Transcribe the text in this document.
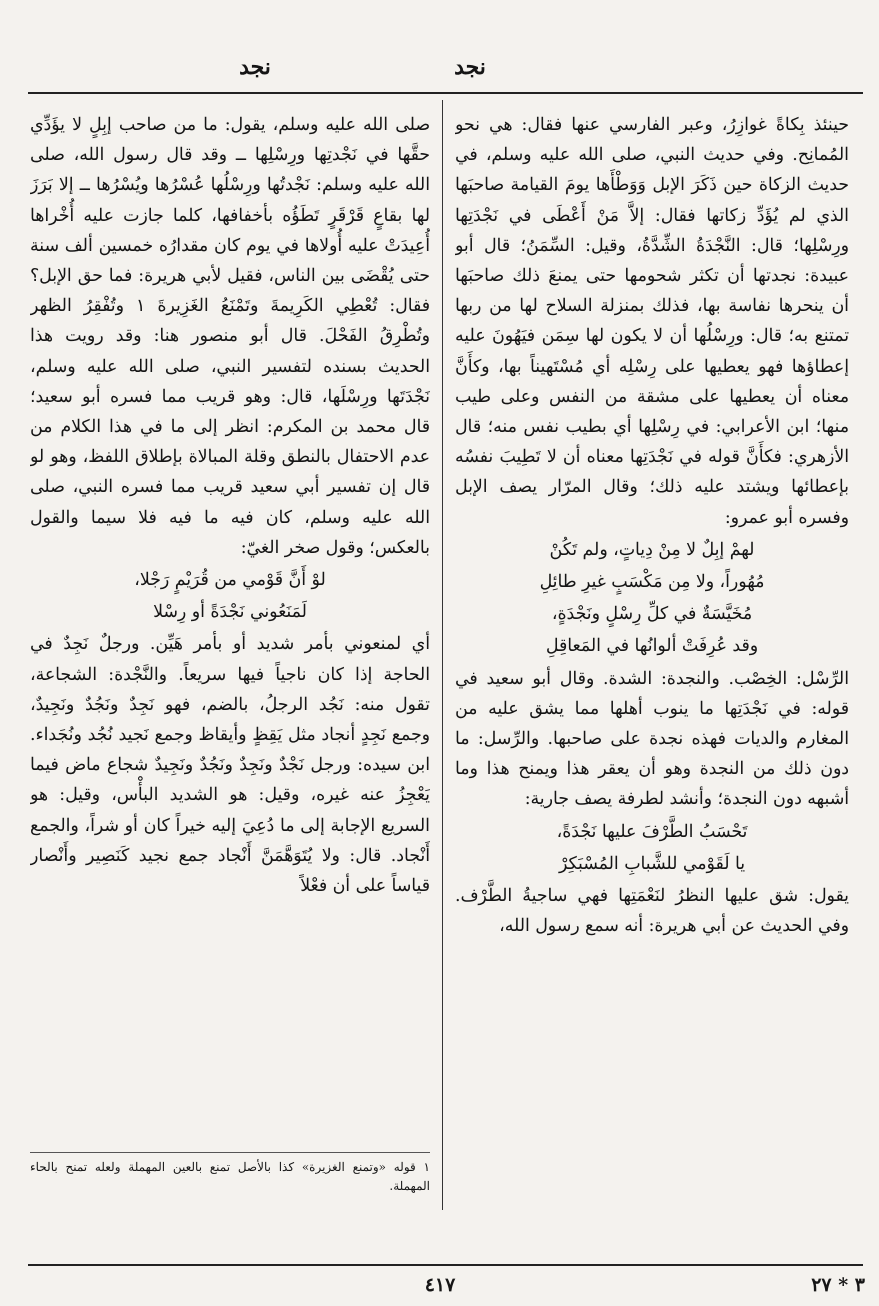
نجد
نجد

حينئذ بِكاةً غوازِرُ، وعبر الفارسي عنها فقال: هي نحو المُمانِح. وفي حديث النبي، صلى الله عليه وسلم، في حديث الزكاة حين ذَكَرَ الإبل وَوَطْأَها يومَ القيامة صاحبَها الذي لم يُؤَدِّ زكاتها فقال: إلاَّ مَنْ أَعْطَى في نَجْدَتِها ورِسْلِها؛ قال: النَّجْدَةُ الشِّدَّةُ، وقيل: السِّمَنُ؛ قال أبو عبيدة: نجدتها أن تكثر شحومها حتى يمنعَ ذلك صاحبَها أن ينحرها نفاسة بها، فذلك بمنزلة السلاح لها من ربها تمتنع به؛ قال: ورِسْلُها أن لا يكون لها سِمَن فيَهُونَ عليه إعطاؤها فهو يعطيها على رِسْلِه أي مُسْتَهيناً بها، وكأَنَّ معناه أن يعطيها على مشقة من النفس وعلى طيب منها؛ ابن الأعرابي: في رِسْلِها أي بطيب نفس منه؛ قال الأزهري: فكأَنَّ قوله في نَجْدَتِها معناه أن لا تَطِيبَ نفسُه بإعطائها ويشتد عليه ذلك؛ وقال المرّار يصف الإبل وفسره أبو عمرو:

لهمْ إبِلٌ لا مِنْ دِياتٍ، ولم تَكُنْ

مُهُوراً، ولا مِن مَكْسَبٍ غيرِ طائِلِ

مُخَيَّسَةٌ في كلِّ رِسْلٍ ونَجْدَةٍ،

وقد عُرِفَتْ ألوانُها في المَعاقِلِ

الرِّسْل: الخِصْب. والنجدة: الشدة. وقال أبو سعيد في قوله: في نَجْدَتِها ما ينوب أهلها مما يشق عليه من المغارم والديات فهذه نجدة على صاحبها. والرِّسل: ما دون ذلك من النجدة وهو أن يعقر هذا ويمنح هذا وما أشبهه دون النجدة؛ وأنشد لطرفة يصف جارية:

تَحْسَبُ الطَّرْفَ عليها نَجْدَةً،

يا لَقَوْمي للشَّبابِ المُسْبَكِرْ

يقول: شق عليها النظرُ لنَعْمَتِها فهي ساجيةُ الطَّرْف. وفي الحديث عن أبي هريرة: أنه سمع رسول الله،

صلى الله عليه وسلم، يقول: ما من صاحب إبِلٍ لا يؤَدِّي حقَّها في نَجْدتِها ورِسْلِها ــ وقد قال رسول الله، صلى الله عليه وسلم: نَجْدتُها ورِسْلُها عُسْرُها ويُسْرُها ــ إلا بَرَزَ لها بقاعٍ قَرْقَرٍ تَطَؤُه بأخفافها، كلما جازت عليه أُخْراها أُعِيدَتْ عليه أُولاها في يوم كان مقدارُه خمسين ألف سنة حتى يُقْضَى بين الناس، فقيل لأبي هريرة: فما حق الإبل؟ فقال: تُعْطِي الكَرِيمةَ وتَمْنَعُ الغَزِيرةَ ١ وتُفْقِرُ الظهر وتُطْرِقُ الفَحْلَ. قال أبو منصور هنا: وقد رويت هذا الحديث بسنده لتفسير النبي، صلى الله عليه وسلم، نَجْدَتَها ورِسْلَها، قال: وهو قريب مما فسره أبو سعيد؛ قال محمد بن المكرم: انظر إلى ما في هذا الكلام من عدم الاحتفال بالنطق وقلة المبالاة بإطلاق اللفظ، وهو لو قال إن تفسير أبي سعيد قريب مما فسره النبي، صلى الله عليه وسلم، كان فيه ما فيه فلا سيما والقول بالعكس؛ وقول صخر الغيّ:

لوْ أَنَّ قَوْمي من قُرَيْمٍ رَجْلا،

لَمَنَعُوني نَجْدَةً أو رِسْلا

أي لمنعوني بأمر شديد أو بأمر هَيِّن. ورجلٌ نَجِدٌ في الحاجة إذا كان ناجياً فيها سريعاً. والنَّجْدة: الشجاعة، تقول منه: نَجُد الرجلُ، بالضم، فهو نَجِدٌ ونَجُدٌ ونَجِيدٌ، وجمع نَجِدٍ أنجاد مثل يَقِظٍ وأيقاظ وجمع نَجيد نُجُد ونُجَداء. ابن سيده: ورجل نَجْدٌ ونَجِدٌ ونَجُدٌ ونَجِيدٌ شجاع ماض فيما يَعْجِزُ عنه غيره، وقيل: هو الشديد البأْس، وقيل: هو السريع الإجابة إلى ما دُعِيَ إليه خيراً كان أو شراً، والجمع أَنْجاد. قال: ولا يُتَوَهَّمَنَّ أَنْجاد جمع نجيد كَنَصِير وأَنْصار قياساً على أن فعْلاً

١ قوله «وتمنع الغزيرة» كذا بالأصل تمنع بالعين المهملة ولعله تمنح بالحاء المهملة.
٤١٧	٣ * ٢٧
